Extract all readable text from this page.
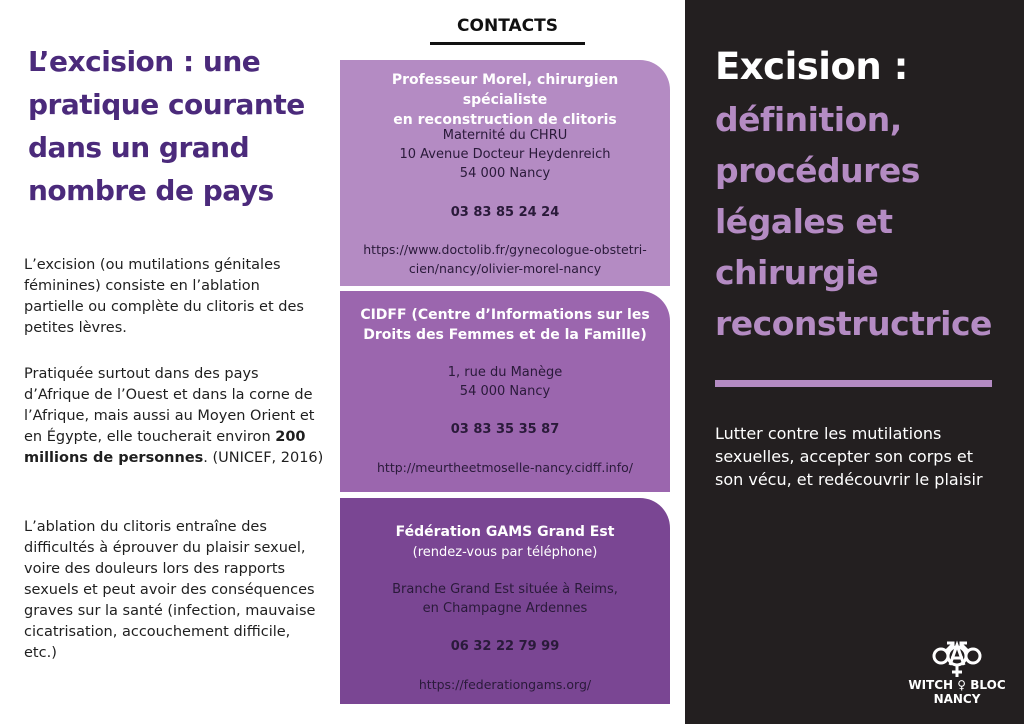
L’excision : une pratique courante dans un grand nombre de pays

L’excision (ou mutilations génitales féminines) consiste en l’ablation partielle ou complète du clitoris et des petites lèvres.

Pratiquée surtout dans des pays d’Afrique de l’Ouest et dans la corne de l’Afrique, mais aussi au Moyen Orient et en Égypte, elle toucherait environ 200 millions de personnes. (UNICEF, 2016)

L’ablation du clitoris entraîne des difficultés à éprouver du plaisir sexuel, voire des douleurs lors des rapports sexuels et peut avoir des conséquences graves sur la santé (infection, mauvaise cicatrisation, accouchement difficile, etc.)

CONTACTS

Professeur Morel, chirurgien spécialiste

en reconstruction de clitoris

Maternité du CHRU

10 Avenue Docteur Heydenreich

54 000 Nancy

03 83 85 24 24

https://www.doctolib.fr/gynecologue-obstetri-

cien/nancy/olivier-morel-nancy

CIDFF (Centre d’Informations sur les

Droits des Femmes et de la Famille)

1, rue du Manège

54 000 Nancy

03 83 35 35 87

http://meurtheetmoselle-nancy.cidff.info/

Fédération GAMS Grand Est

(rendez-vous par téléphone)

Branche Grand Est située à Reims,

en Champagne Ardennes

06 32 22 79 99

https://federationgams.org/

Excision :
définition, procédures légales et chirurgie reconstructrice

Lutter contre les mutilations sexuelles, accepter son corps et son vécu, et redécouvrir le plaisir

WITCH ♀ BLOC

NANCY
